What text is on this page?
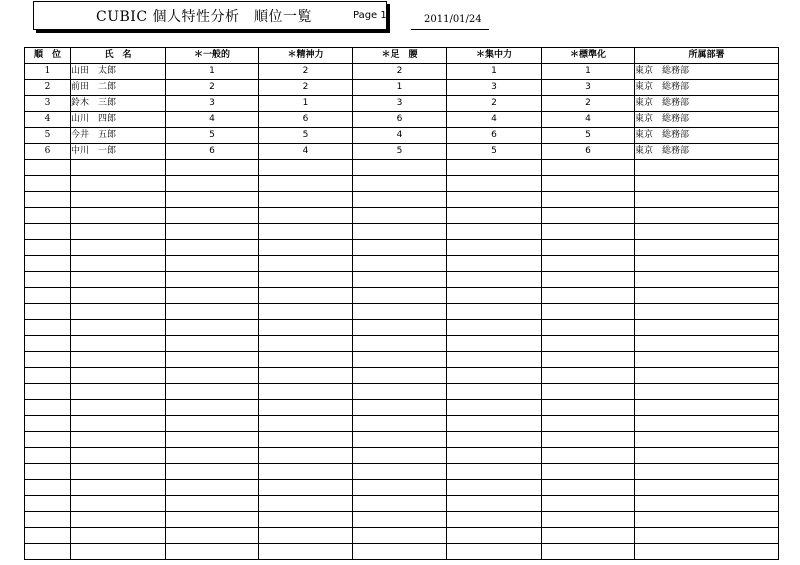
CUBIC 個人特性分析　順位一覧	Page 1	2011/01/24
順　位	氏　名	＊一般的	＊精神力	＊足　腰	＊集中力	＊標準化	所属部署
1	山田　太郎	1	2	2	1	1	東京　総務部
2	前田　二郎	2	2	1	3	3	東京　総務部
3	鈴木　三郎	3	1	3	2	2	東京　総務部
4	山川　四郎	4	6	6	4	4	東京　総務部
5	今井　五郎	5	5	4	6	5	東京　総務部
6	中川　一郎	6	4	5	5	6	東京　総務部
